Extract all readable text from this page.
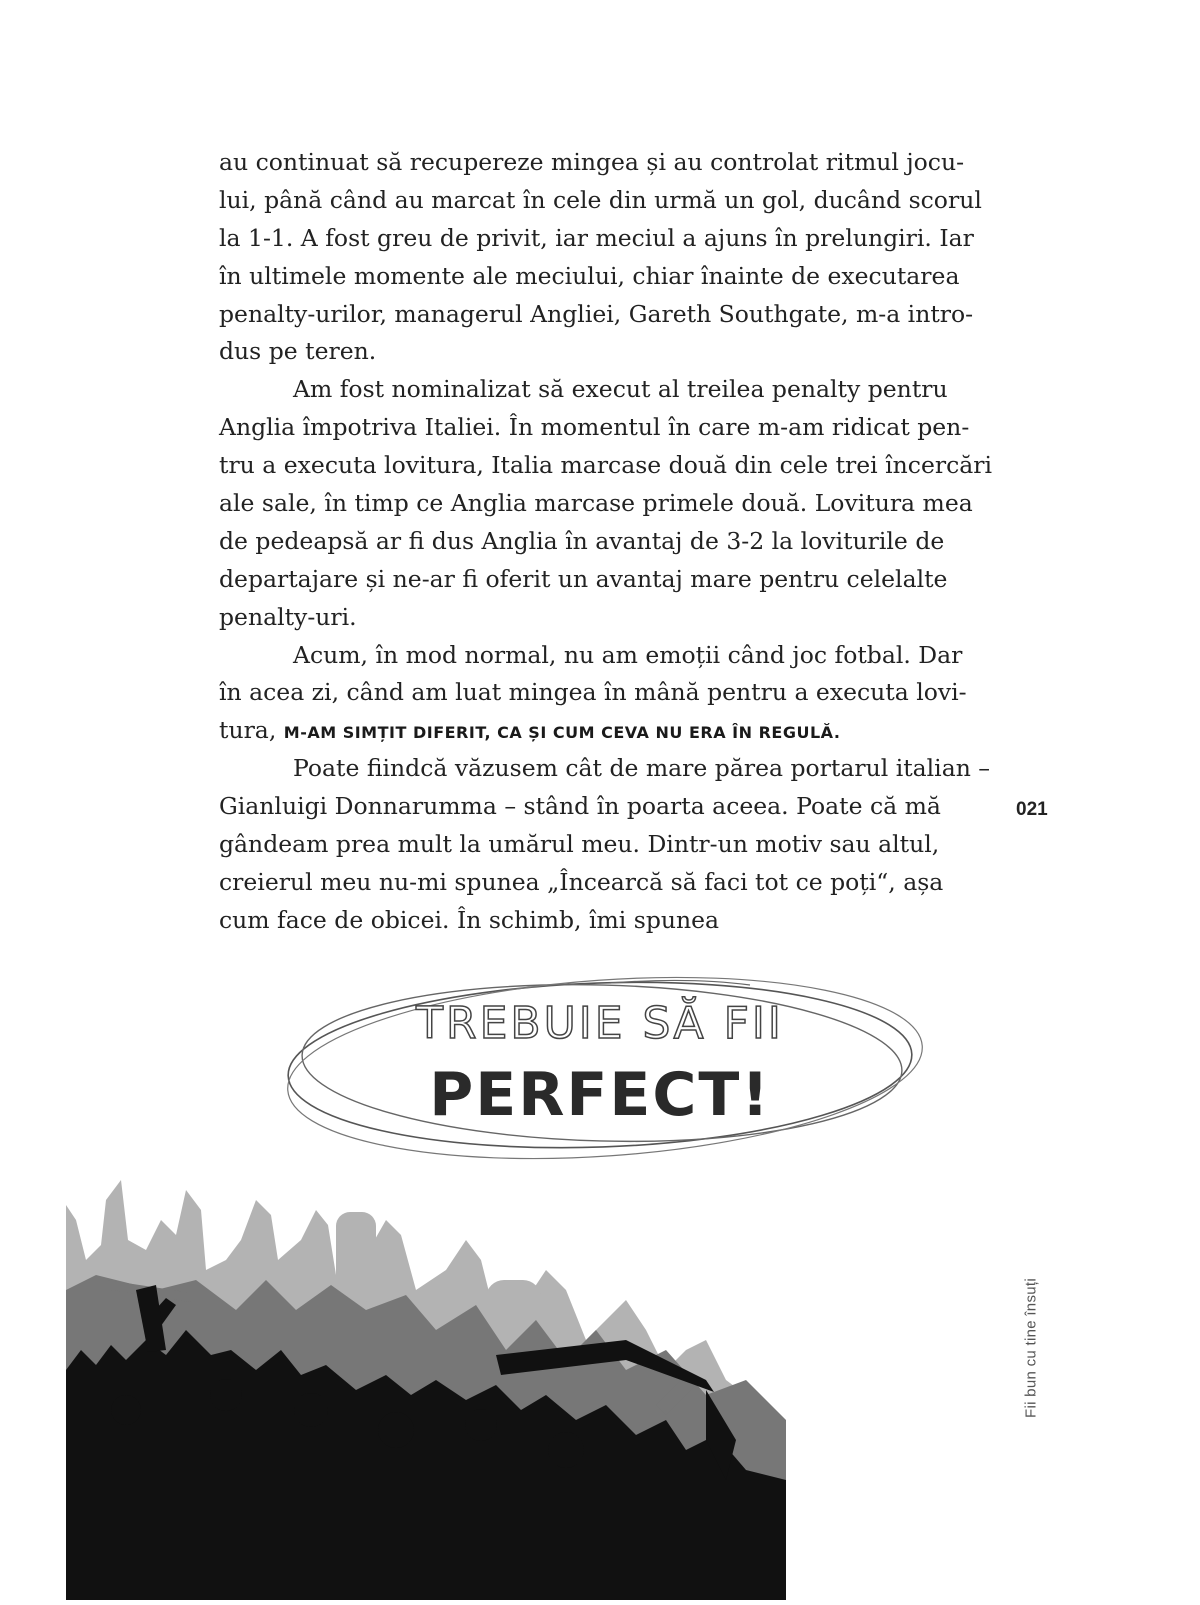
au continuat să recupereze mingea și au controlat ritmul jocu-
lui, până când au marcat în cele din urmă un gol, ducând scorul
la 1-1. A fost greu de privit, iar meciul a ajuns în prelungiri. Iar
în ultimele momente ale meciului, chiar înainte de executarea
penalty-urilor, managerul Angliei, Gareth Southgate, m-a intro-
dus pe teren.
Am fost nominalizat să execut al treilea penalty pentru
Anglia împotriva Italiei. În momentul în care m-am ridicat pen-
tru a executa lovitura, Italia marcase două din cele trei încercări
ale sale, în timp ce Anglia marcase primele două. Lovitura mea
de pedeapsă ar fi dus Anglia în avantaj de 3-2 la loviturile de
departajare și ne-ar fi oferit un avantaj mare pentru celelalte
penalty-uri.
Acum, în mod normal, nu am emoții când joc fotbal. Dar
în acea zi, când am luat mingea în mână pentru a executa lovi-
tura, M-AM SIMȚIT DIFERIT, CA ȘI CUM CEVA NU ERA ÎN REGULĂ.
Poate fiindcă văzusem cât de mare părea portarul italian –
Gianluigi Donnarumma – stând în poarta aceea. Poate că mă
gândeam prea mult la umărul meu. Dintr-un motiv sau altul,
creierul meu nu-mi spunea „Încearcă să faci tot ce poți“, așa
cum face de obicei. În schimb, îmi spunea
021
Fii bun cu tine însuți
TREBUIE SĂ FII
PERFECT!
